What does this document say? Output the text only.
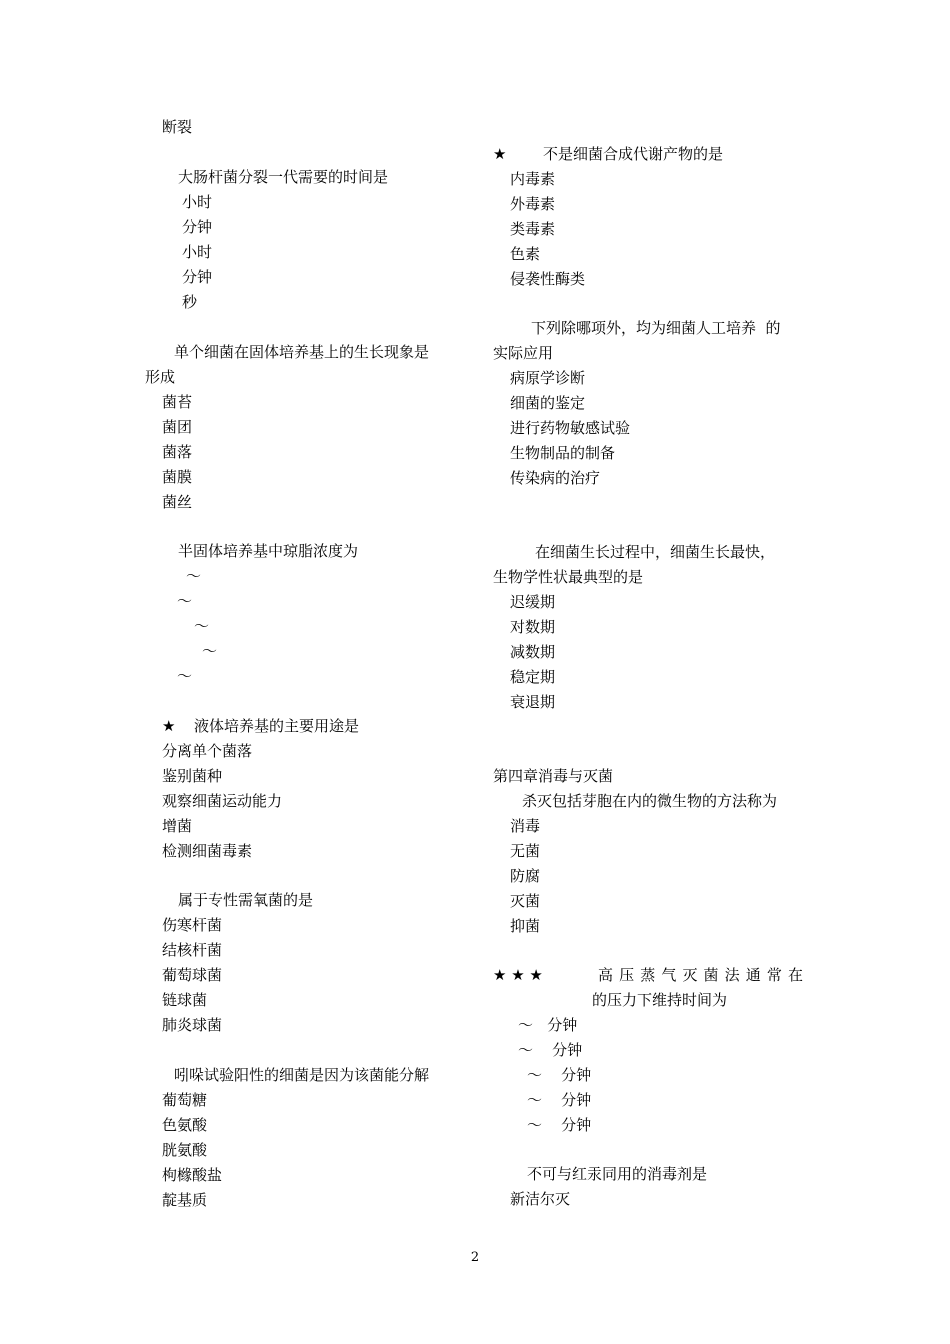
断裂
大肠杆菌分裂一代需要的时间是
小时
分钟
小时
分钟
秒
单个细菌在固体培养基上的生长现象是
形成
菌苔
菌团
菌落
菌膜
菌丝
半固体培养基中琼脂浓度为
～
～
～
～
～
★ 液体培养基的主要用途是
分离单个菌落
鉴别菌种
观察细菌运动能力
增菌
检测细菌毒素
属于专性需氧菌的是
伤寒杆菌
结核杆菌
葡萄球菌
链球菌
肺炎球菌
吲哚试验阳性的细菌是因为该菌能分解
葡萄糖
色氨酸
胱氨酸
枸橼酸盐
靛基质
★ 不是细菌合成代谢产物的是
内毒素
外毒素
类毒素
色素
侵袭性酶类
下列除哪项外，均为细菌人工培养  的
实际应用
病原学诊断
细菌的鉴定
进行药物敏感试验
生物制品的制备
传染病的治疗
在细菌生长过程中，细菌生长最快，
生物学性状最典型的是
迟缓期
对数期
减数期
稳定期
衰退期
第四章消毒与灭菌
杀灭包括芽胞在内的微生物的方法称为
消毒
无菌
防腐
灭菌
抑菌
★ ★ ★	高压蒸气灭菌法通常在
的压力下维持时间为
～   分钟
～    分钟
～    分钟
～    分钟
～    分钟
不可与红汞同用的消毒剂是
新洁尔灭
2
